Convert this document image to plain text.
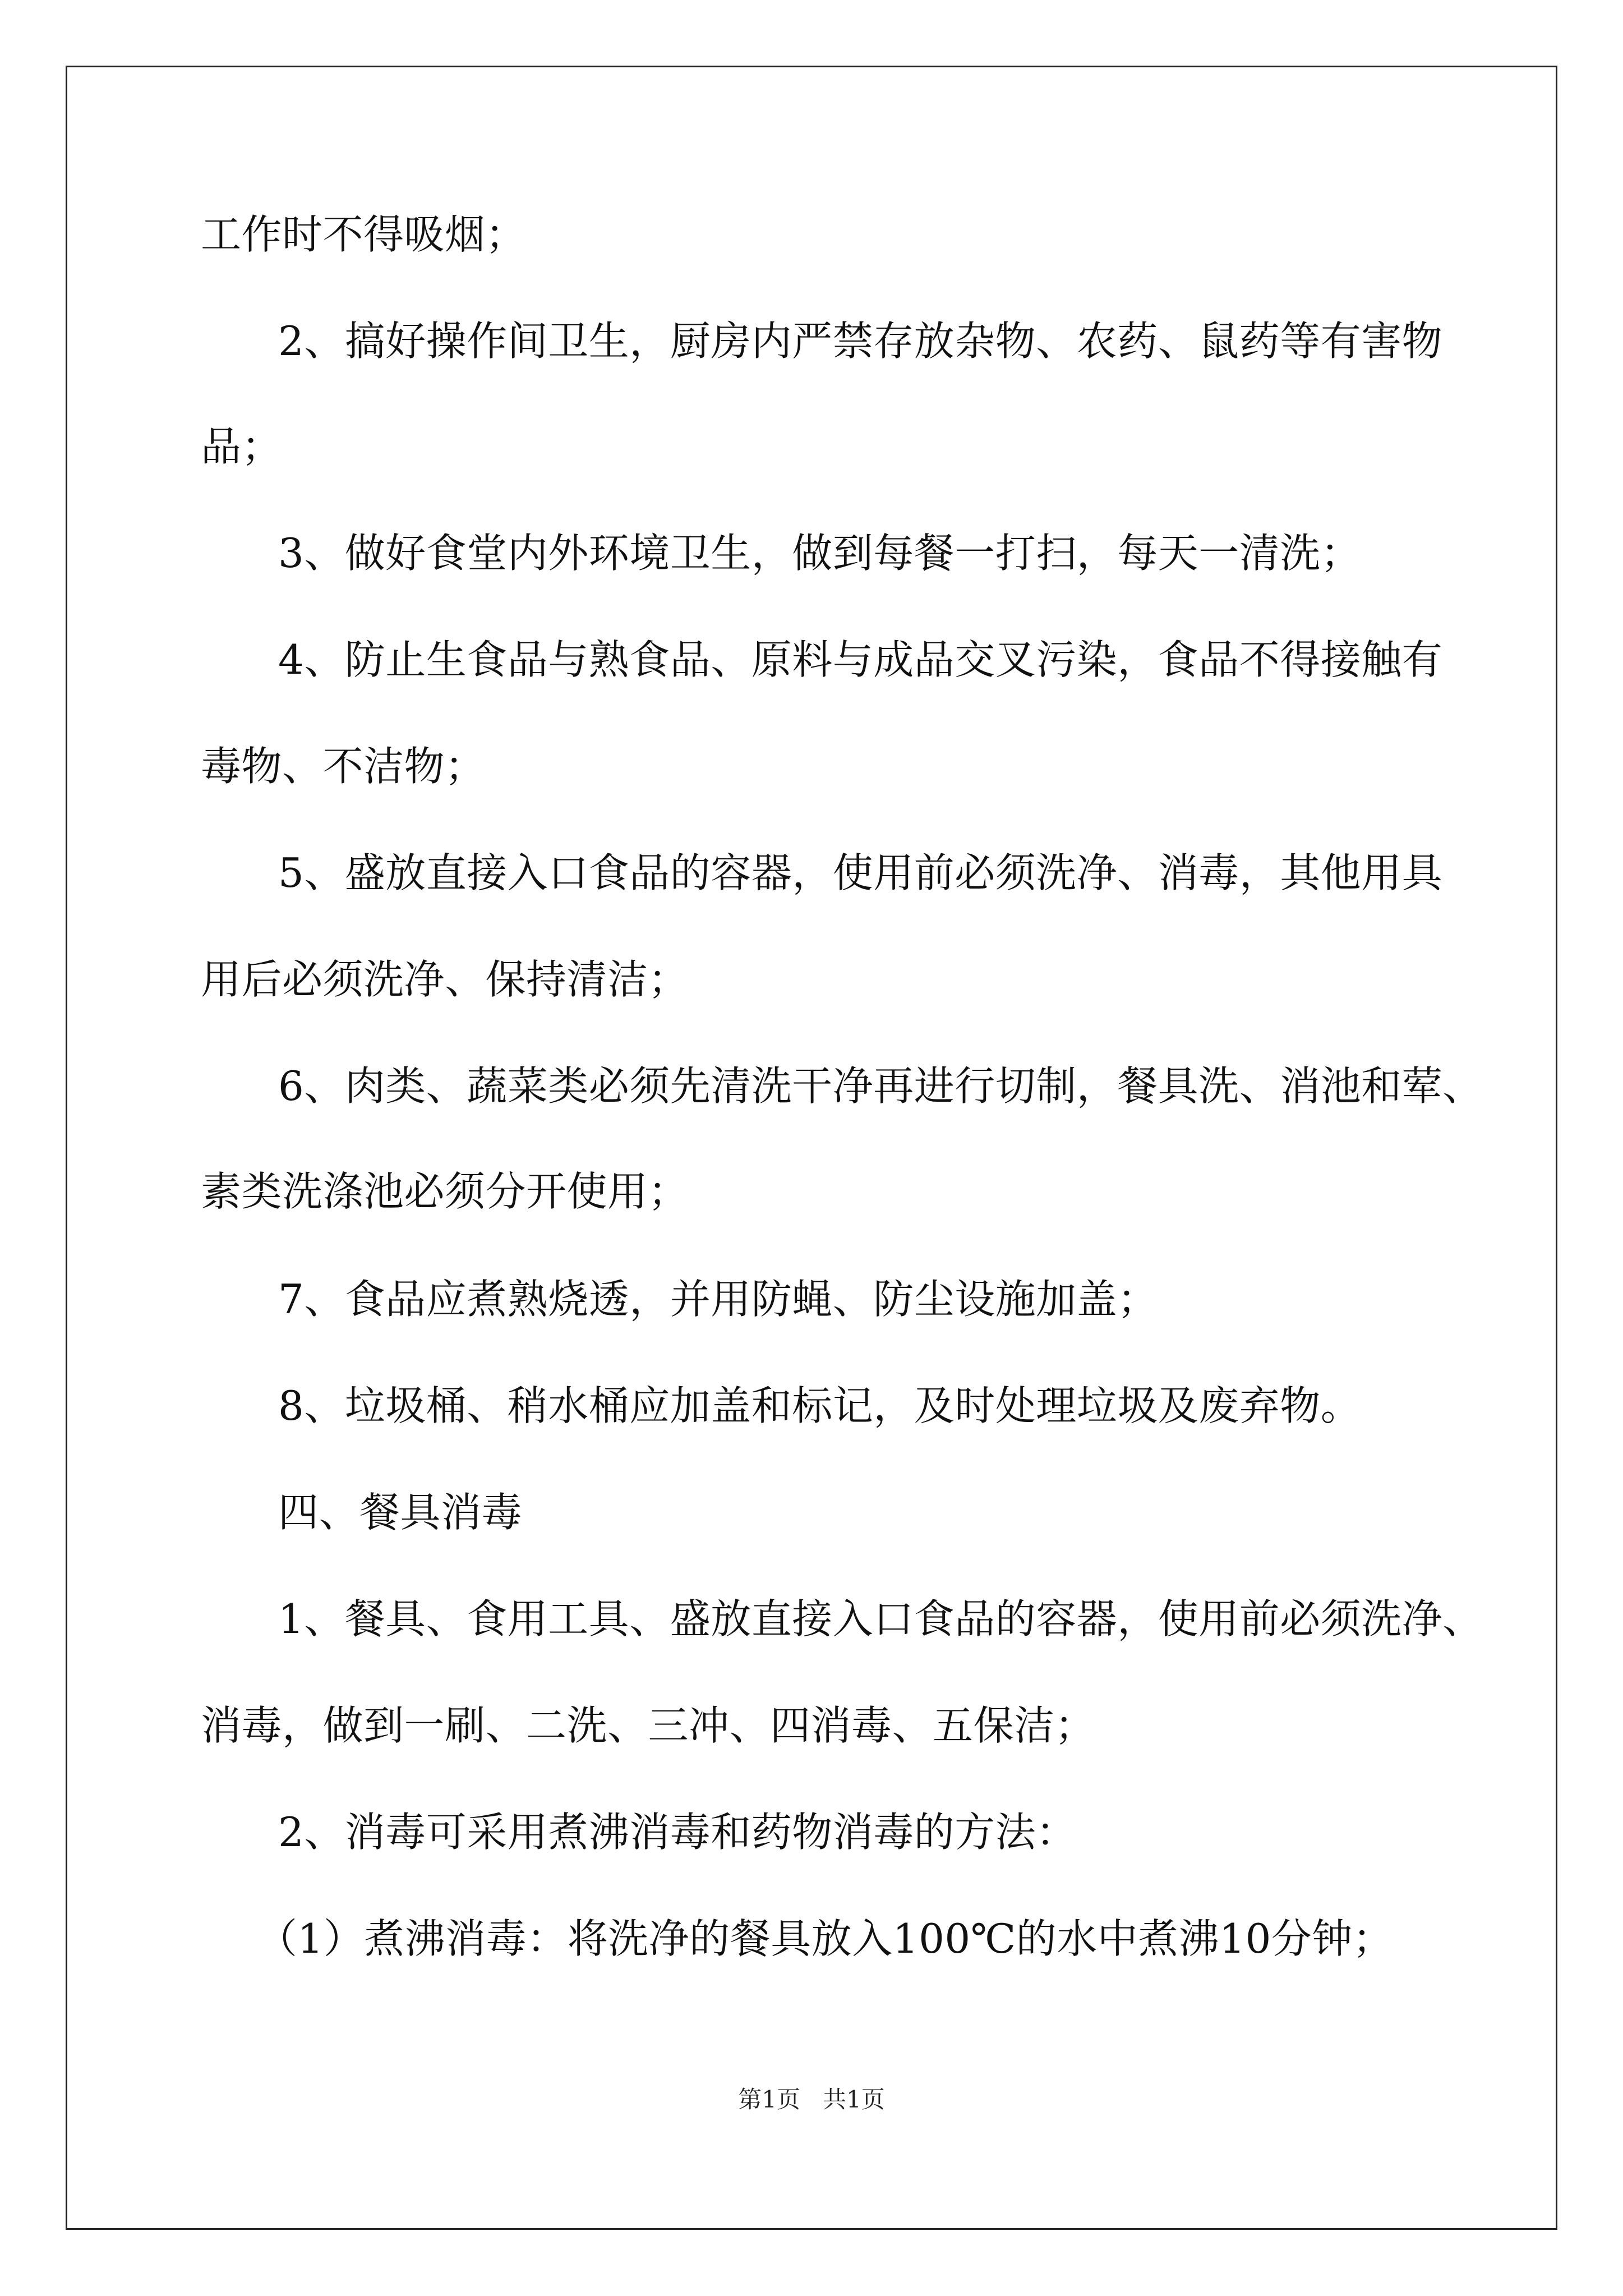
工作时不得吸烟；
2、搞好操作间卫生，厨房内严禁存放杂物、农药、鼠药等有害物
品；
3、做好食堂内外环境卫生，做到每餐一打扫，每天一清洗；
4、防止生食品与熟食品、原料与成品交叉污染，食品不得接触有
毒物、不洁物；
5、盛放直接入口食品的容器，使用前必须洗净、消毒，其他用具
用后必须洗净、保持清洁；
6、肉类、蔬菜类必须先清洗干净再进行切制，餐具洗、消池和荤、
素类洗涤池必须分开使用；
7、食品应煮熟烧透，并用防蝇、防尘设施加盖；
8、垃圾桶、稍水桶应加盖和标记，及时处理垃圾及废弃物。
四、餐具消毒
1、餐具、食用工具、盛放直接入口食品的容器，使用前必须洗净、
消毒，做到一刷、二洗、三冲、四消毒、五保洁；
2、消毒可采用煮沸消毒和药物消毒的方法：
（1）煮沸消毒：将洗净的餐具放入100℃的水中煮沸10分钟；
第1页   共1页
